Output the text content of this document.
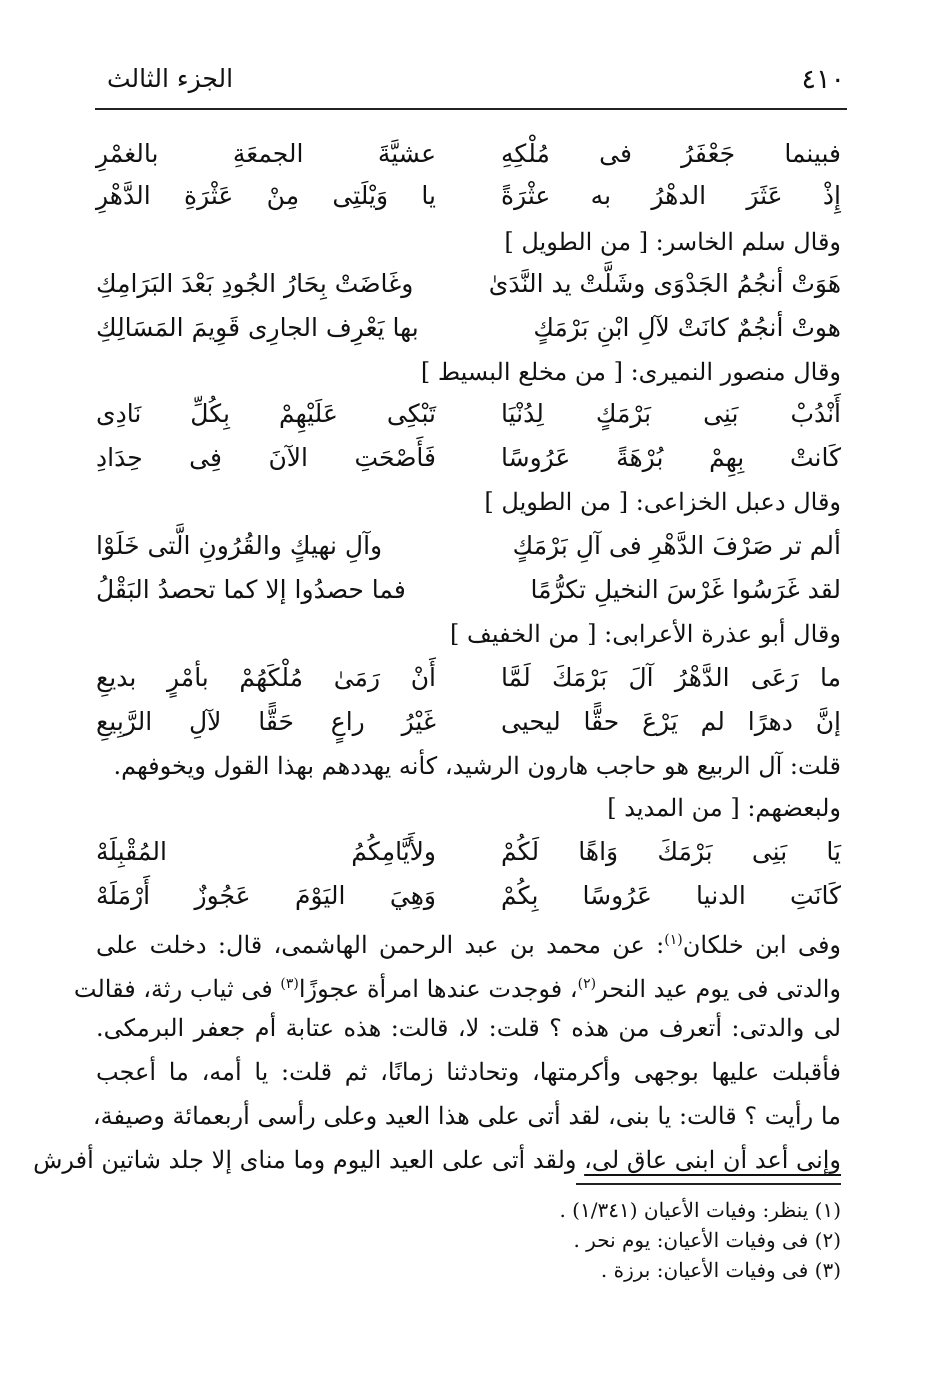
٤١٠
الجزء الثالث
فبينما جَعْفَرُ فى مُلْكِهِ
عشيَّةَ الجمعَةِ بالغمْرِ
إِذْ عَثَرَ الدهْرُ به عثْرَةً
يا وَيْلَتِى مِنْ عَثْرَةِ الدَّهْرِ
وقال سلم الخاسر: [ من الطويل ]
هَوَتْ أنجُمُ الجَدْوَى وشَلَّتْ يد النَّدَىٰ
وغَاضَتْ بِحَارُ الجُودِ بَعْدَ البَرَامِكِ
هوتْ أنجُمٌ كانَتْ لآلِ ابْنِ بَرْمَكٍ
بها يَعْرِف الجارِى قَوِيمَ المَسَالِكِ
وقال منصور النميرى: [ من مخلع البسيط ]
أَنْدُبْ بَنِى بَرْمَكٍ لِدُنْيَا
تَبْكِى عَلَيْهِمْ بِكُلِّ نَادِى
كَانتْ بِهِمْ بُرْهَةً عَرُوسًا
فَأَصْحَتِ الآنَ فِى حِدَادِ
وقال دعبل الخزاعى: [ من الطويل ]
ألم تر صَرْفَ الدَّهْرِ فى آلِ بَرْمَكٍ
وآلِ نهيكٍ والقُرُونِ الَّتى خَلَوْا
لقد غَرَسُوا غَرْسَ النخيلِ تكرُّمًا
فما حصدُوا إلا كما تحصدُ البَقْلُ
وقال أبو عذرة الأعرابى: [ من الخفيف ]
ما رَعَى الدَّهْرُ آلَ بَرْمَكَ لَمَّا
أَنْ رَمَىٰ مُلْكَهُمْ بأمْرٍ بديعِ
إنَّ دهرًا لم يَرْعَ حقًّا ليحيى
غَيْرُ راعٍ حَقًّا لآلِ الرَّبِيعِ
قلت: آل الربيع هو حاجب هارون الرشيد، كأنه يهددهم بهذا القول ويخوفهم.
ولبعضهم: [ من المديد ]
يَا بَنِى بَرْمَكَ وَاهًا لَكُمْ
ولأَيَّامِكُمُ المُقْبِلَهْ
كَانَتِ الدنيا عَرُوسًا بِكُمْ
وَهِيَ اليَوْمَ عَجُوزٌ أَرْمَلَهْ
وفى ابن خلكان$^{(١)}$: عن محمد بن عبد الرحمن الهاشمى، قال: دخلت على
والدتى فى يوم عيد النحر$^{(٢)}$، فوجدت عندها امرأة عجوزًا$^{(٣)}$ فى ثياب رثة، فقالت
لى والدتى: أتعرف من هذه ؟ قلت: لا، قالت: هذه عتابة أم جعفر البرمكى.
فأقبلت عليها بوجهى وأكرمتها، وتحادثنا زمانًا، ثم قلت: يا أمه، ما أعجب
ما رأيت ؟ قالت: يا بنى، لقد أتى على هذا العيد وعلى رأسى أربعمائة وصيفة،
وإنى أعد أن ابنى عاق لى، ولقد أتى على العيد اليوم وما منای إلا جلد شاتين أفرش
(١) ينظر: وفيات الأعيان (١/٣٤١) .
(٢) فى وفيات الأعيان: يوم نحر .
(٣) فى وفيات الأعيان: برزة .
